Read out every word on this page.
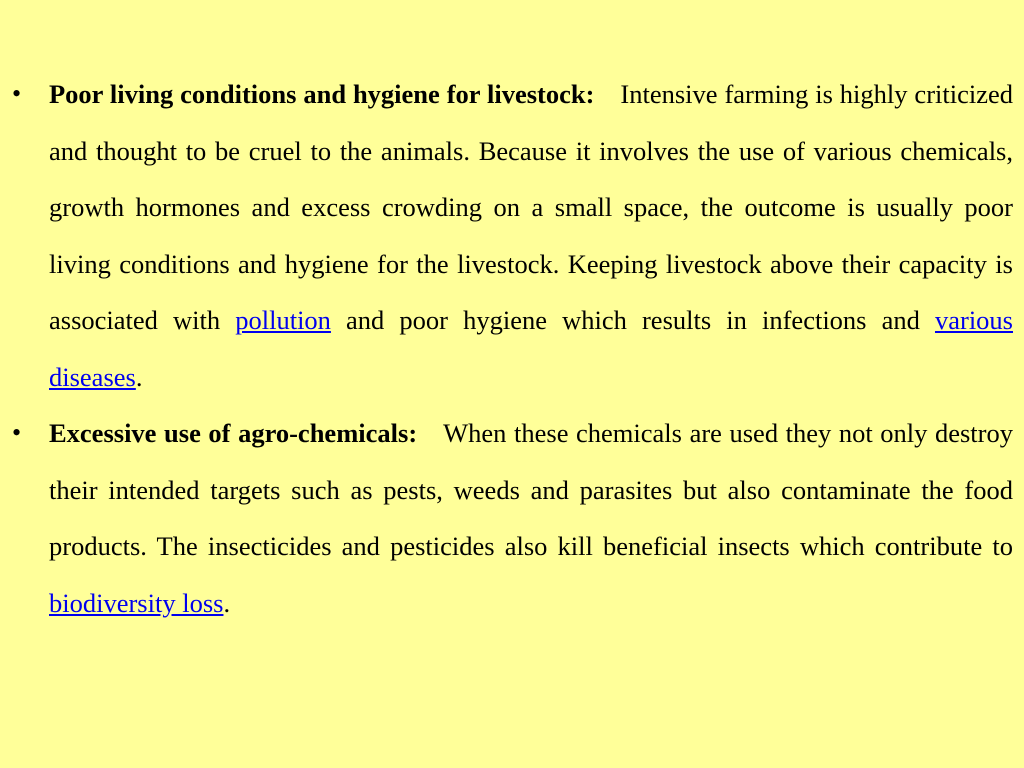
• Poor living conditions and hygiene for livestock: Intensive farming is highly criticized and thought to be cruel to the animals. Because it involves the use of various chemicals, growth hormones and excess crowding on a small space, the outcome is usually poor living conditions and hygiene for the livestock. Keeping livestock above their capacity is associated with pollution and poor hygiene which results in infections and various diseases.
• Excessive use of agro-chemicals: When these chemicals are used they not only destroy their intended targets such as pests, weeds and parasites but also contaminate the food products. The insecticides and pesticides also kill beneficial insects which contribute to biodiversity loss.
